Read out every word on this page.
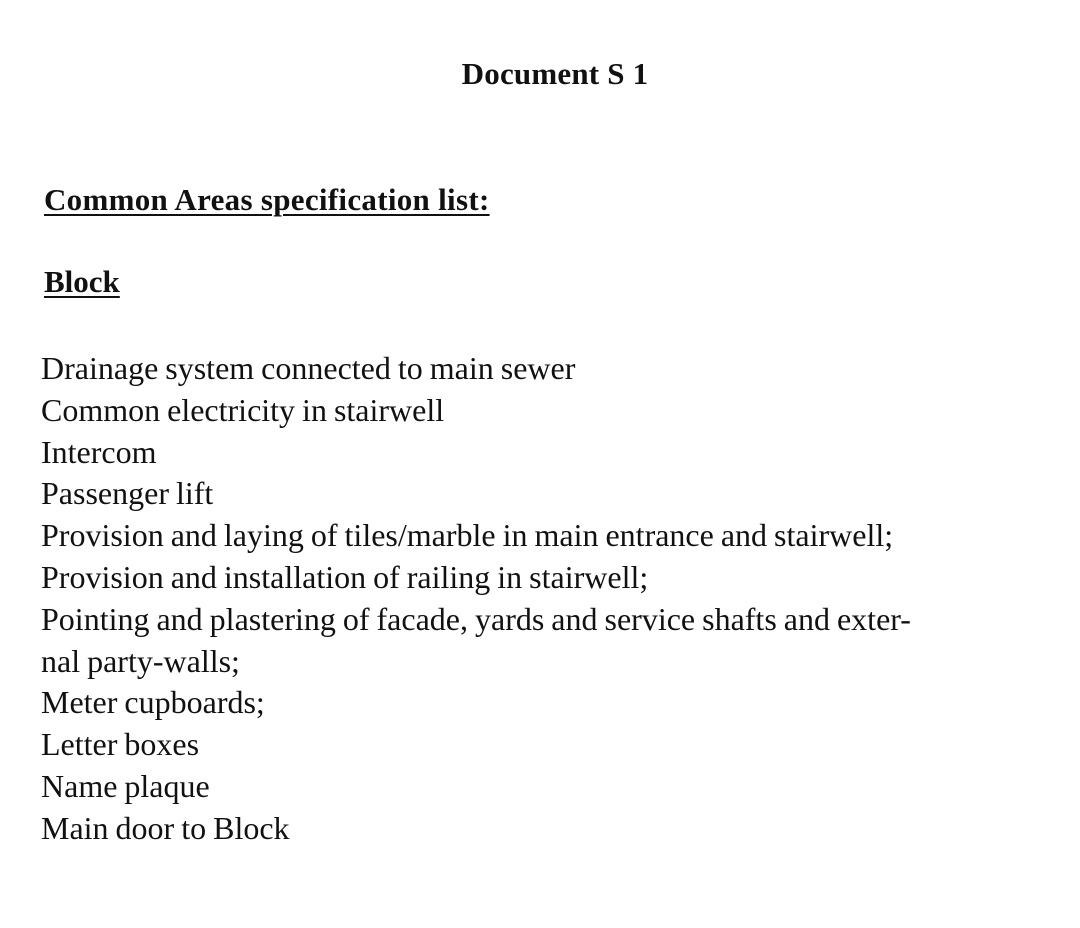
Document S 1
Common Areas specification list:
Block
Drainage system connected to main sewer
Common electricity in stairwell
Intercom
Passenger lift
Provision and laying of tiles/marble in main entrance and stairwell;
Provision and installation of railing in stairwell;
Pointing and plastering of facade, yards and service shafts and exter-
nal party-walls;
Meter cupboards;
Letter boxes
Name plaque
Main door to Block
